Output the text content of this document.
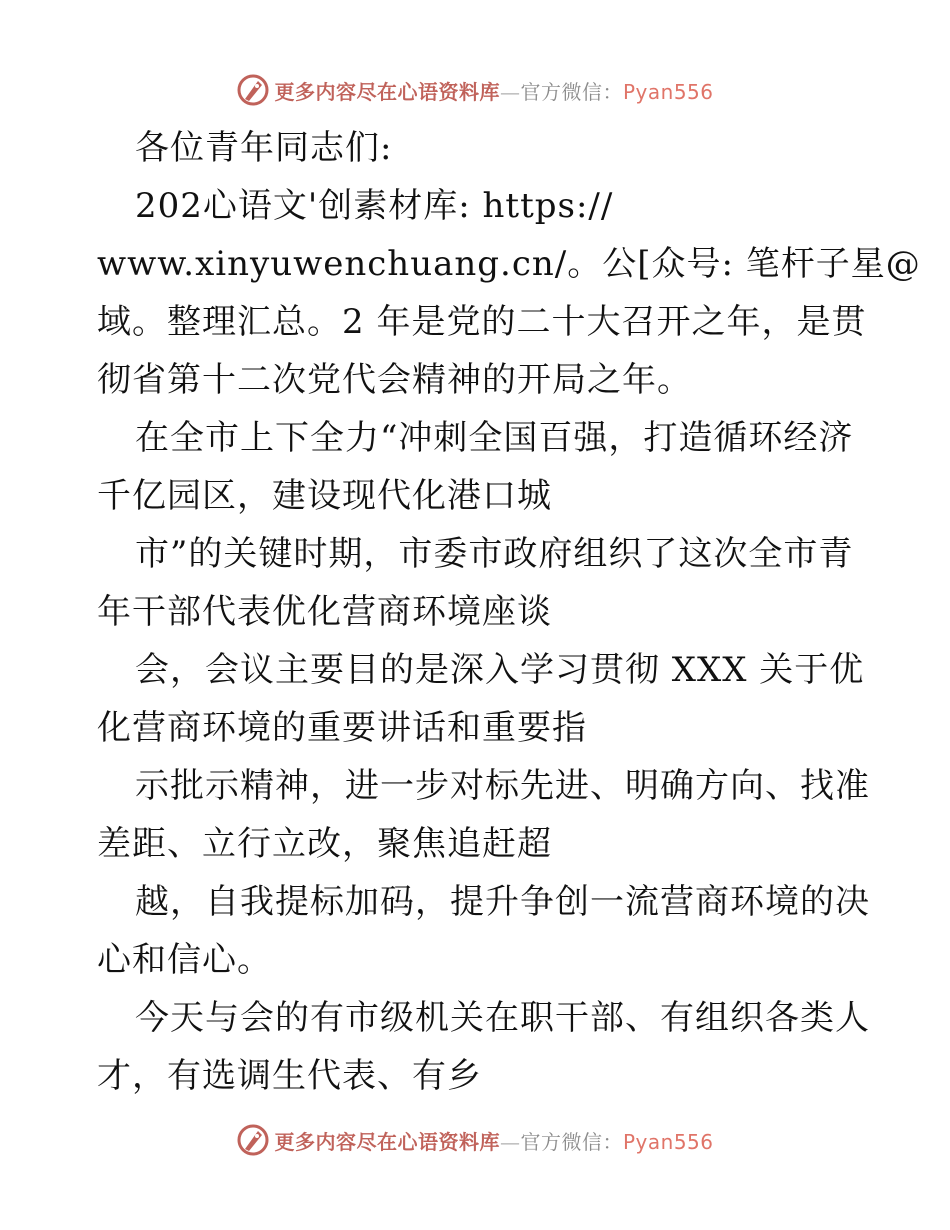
更多内容尽在心语资料库—官方微信：Pyan556
各位青年同志们:
202心语文'创素材库: https://
www.xinyuwenchuang.cn/。公[众号: 笔杆子星@
域。整理汇总。2 年是党的二十大召开之年，是贯
彻省第十二次党代会精神的开局之年。
在全市上下全力“冲刺全国百强，打造循环经济
千亿园区，建设现代化港口城
市”的关键时期，市委市政府组织了这次全市青
年干部代表优化营商环境座谈
会，会议主要目的是深入学习贯彻 XXX 关于优
化营商环境的重要讲话和重要指
示批示精神，进一步对标先进、明确方向、找准
差距、立行立改，聚焦追赶超
越，自我提标加码，提升争创一流营商环境的决
心和信心。
今天与会的有市级机关在职干部、有组织各类人
才，有选调生代表、有乡
更多内容尽在心语资料库—官方微信：Pyan556
